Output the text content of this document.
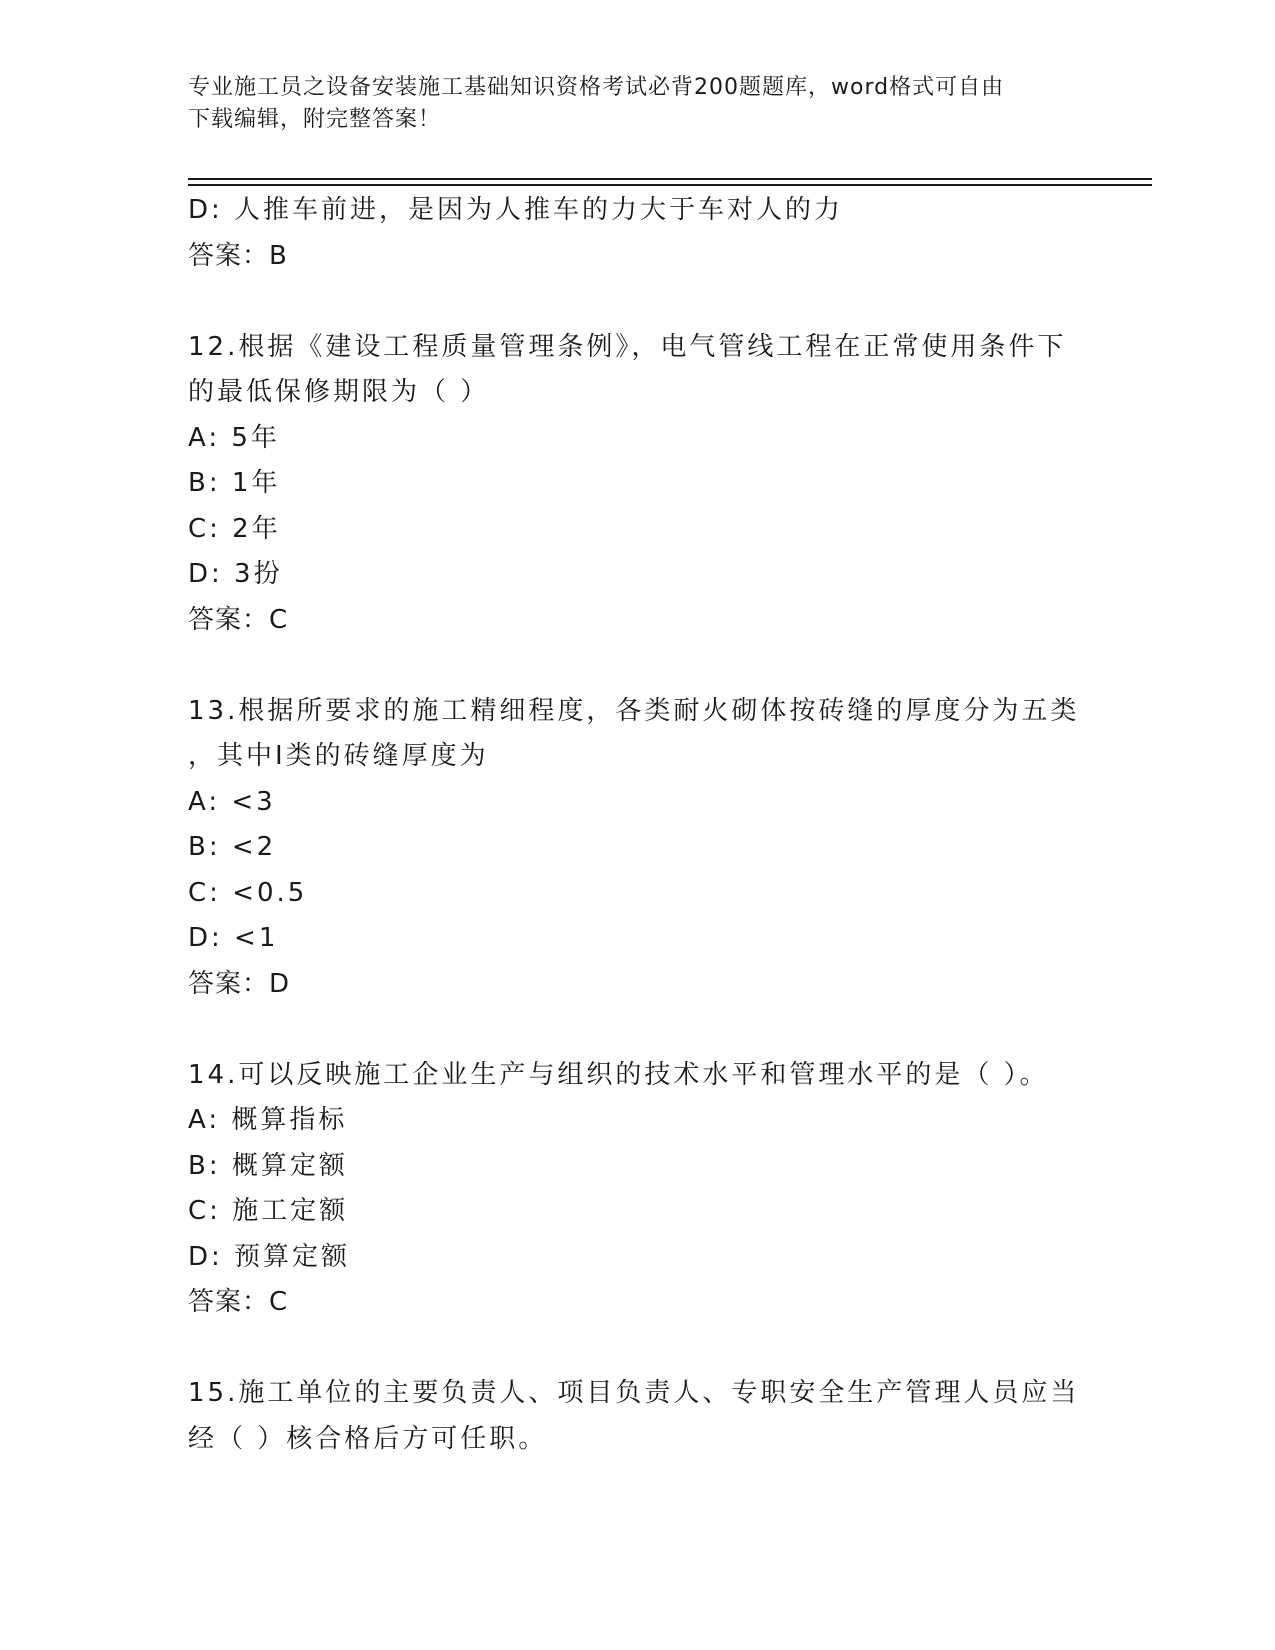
专业施工员之设备安装施工基础知识资格考试必背200题题库，word格式可自由
下载编辑，附完整答案！
D: 人推车前进，是因为人推车的力大于车对人的力
答案：B
12.根据《建设工程质量管理条例》，电气管线工程在正常使用条件下
的最低保修期限为（ ）
A: 5年
B: 1年
C: 2年
D: 3扮
答案：C
13.根据所要求的施工精细程度，各类耐火砌体按砖缝的厚度分为五类
，其中I类的砖缝厚度为
A: <3
B: <2
C: <0.5
D: <1
答案：D
14.可以反映施工企业生产与组织的技术水平和管理水平的是（ ）。
A: 概算指标
B: 概算定额
C: 施工定额
D: 预算定额
答案：C
15.施工单位的主要负责人、项目负责人、专职安全生产管理人员应当
经（ ）核合格后方可任职。
